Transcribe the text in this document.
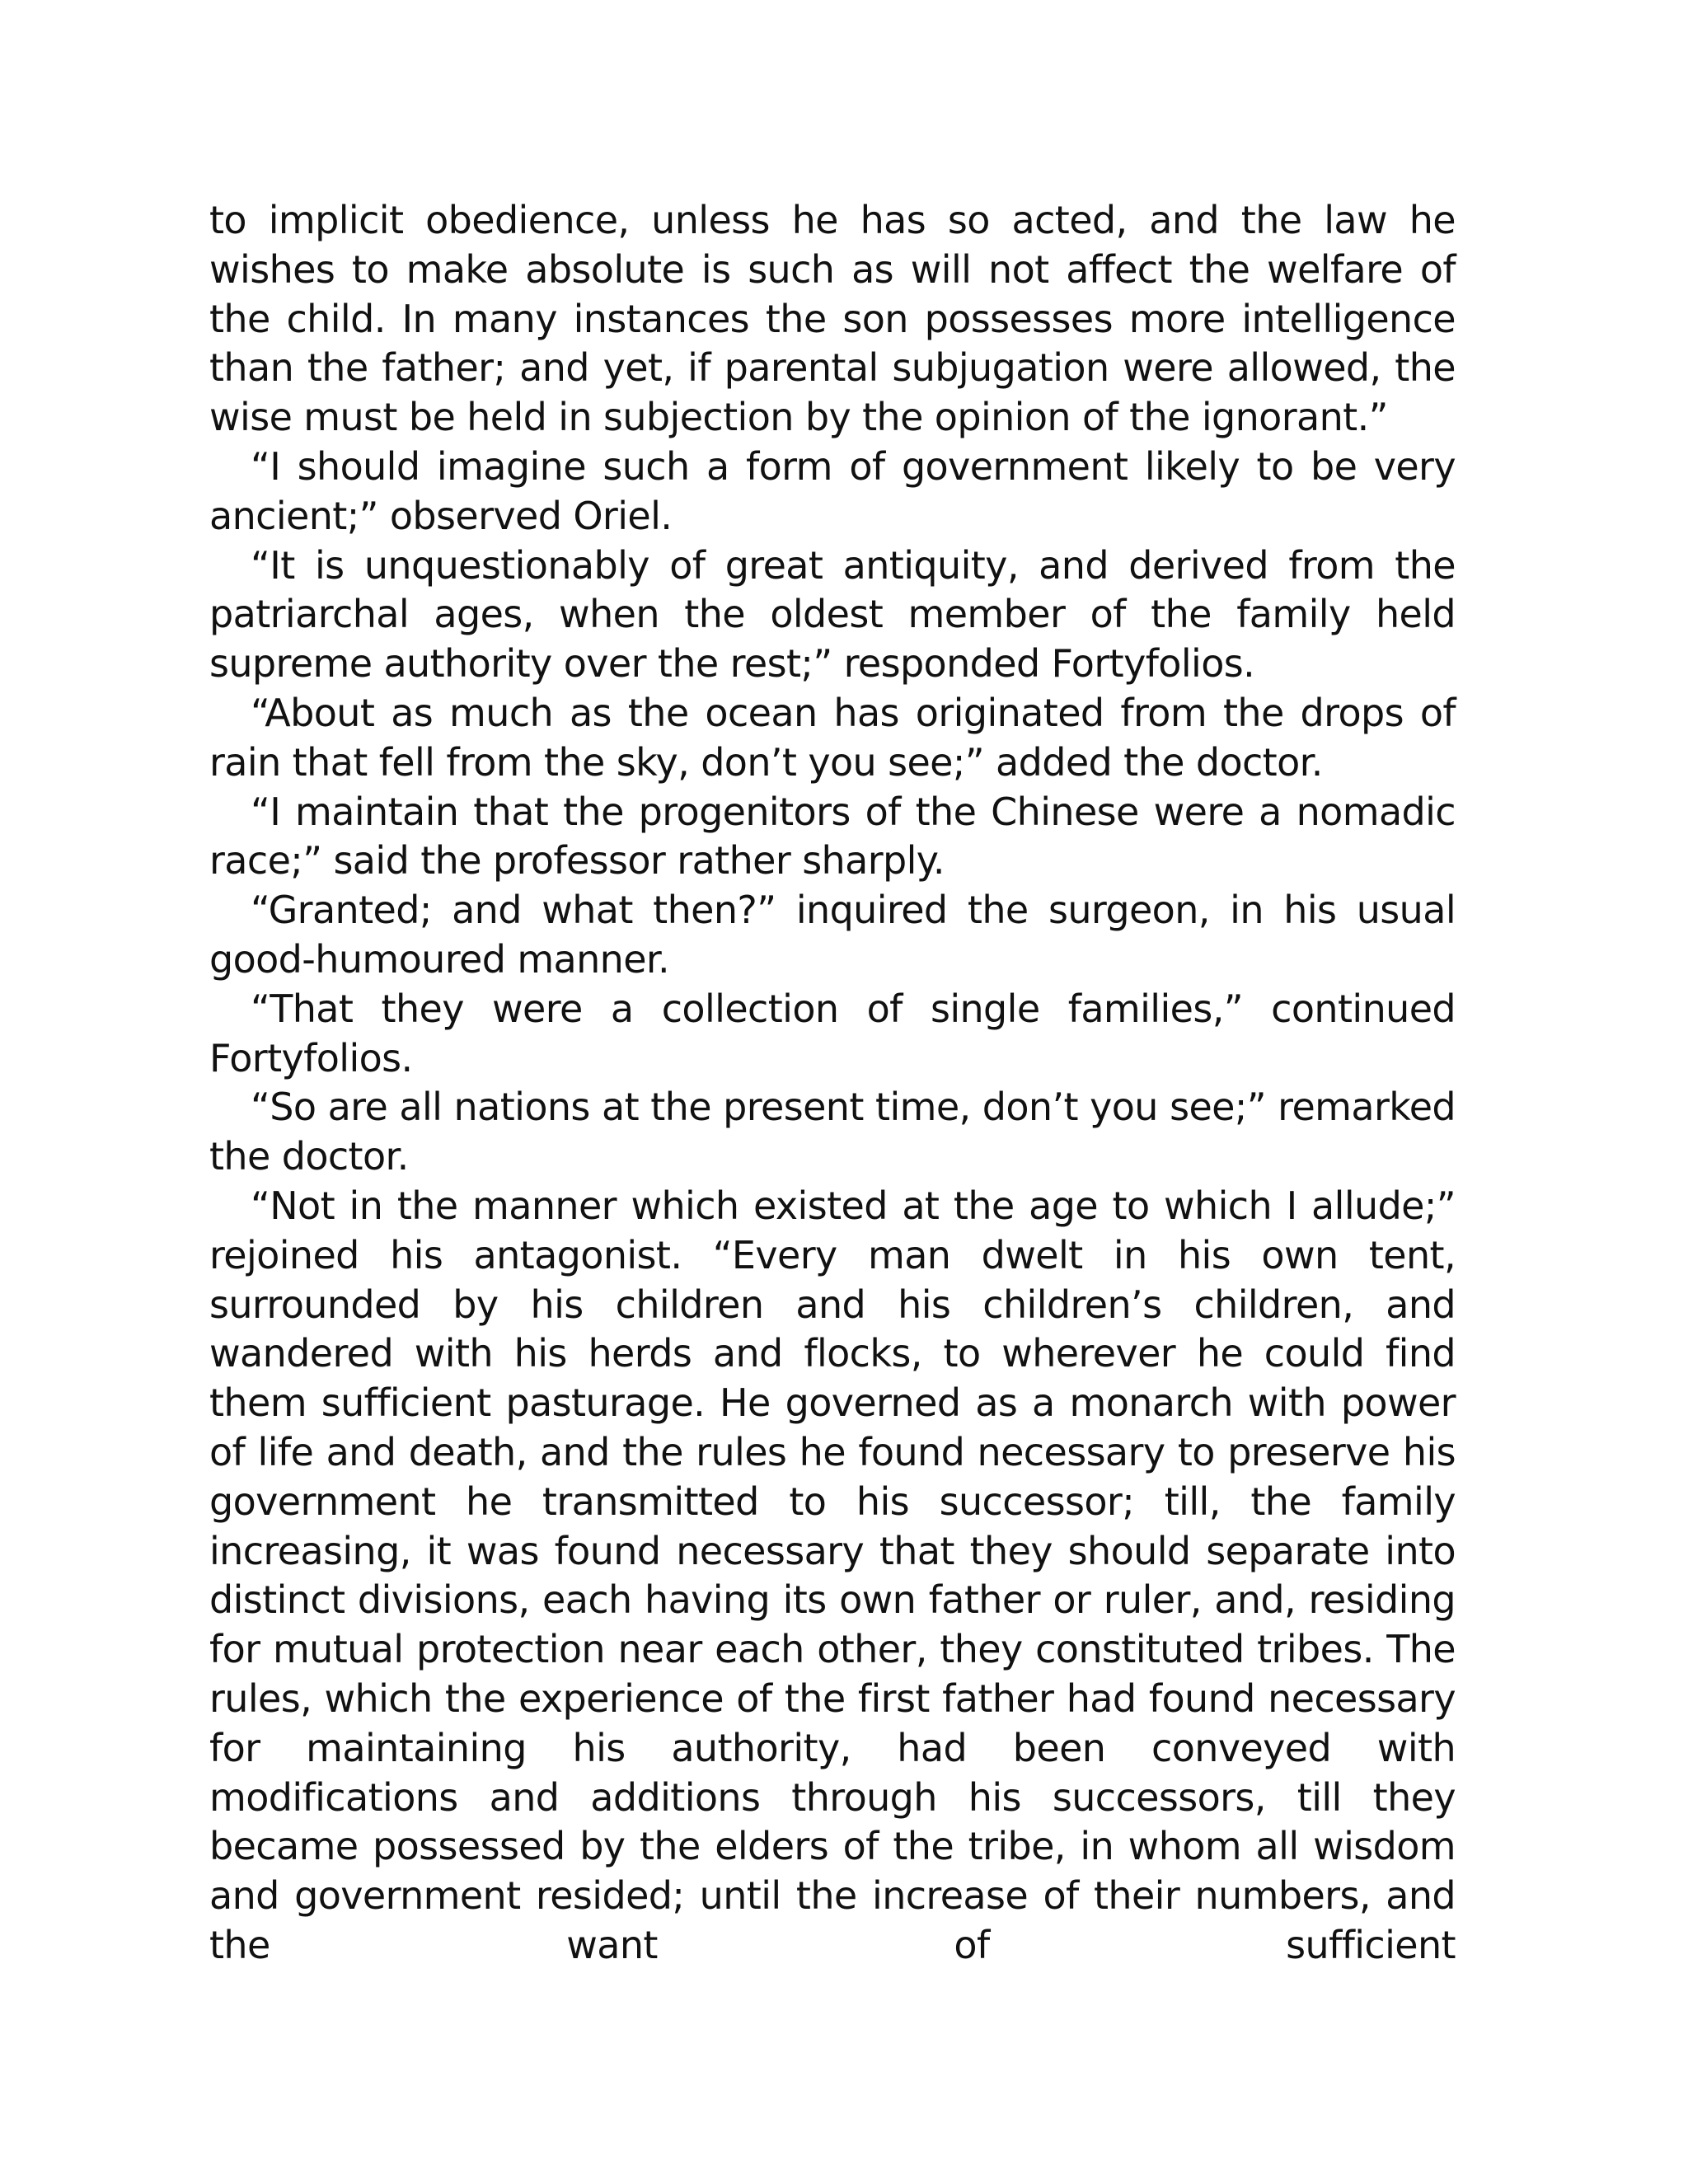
to implicit obedience, unless he has so acted, and the law he wishes to make absolute is such as will not affect the welfare of the child. In many instances the son possesses more intelligence than the father; and yet, if parental subjugation were allowed, the wise must be held in subjection by the opinion of the ignorant.”

“I should imagine such a form of government likely to be very ancient;” observed Oriel.

“It is unquestionably of great antiquity, and derived from the patriarchal ages, when the oldest member of the family held supreme authority over the rest;” responded Fortyfolios.

“About as much as the ocean has originated from the drops of rain that fell from the sky, don’t you see;” added the doctor.

“I maintain that the progenitors of the Chinese were a nomadic race;” said the professor rather sharply.

“Granted; and what then?” inquired the surgeon, in his usual good-humoured manner.

“That they were a collection of single families,” continued Fortyfolios.

“So are all nations at the present time, don’t you see;” remarked the doctor.

“Not in the manner which existed at the age to which I allude;” rejoined his antagonist. “Every man dwelt in his own tent, surrounded by his children and his children’s children, and wandered with his herds and flocks, to wherever he could find them sufficient pasturage. He governed as a monarch with power of life and death, and the rules he found necessary to preserve his government he transmitted to his successor; till, the family increasing, it was found necessary that they should separate into distinct divisions, each having its own father or ruler, and, residing for mutual protection near each other, they constituted tribes. The rules, which the experience of the first father had found necessary for maintaining his authority, had been conveyed with modifications and additions through his successors, till they became possessed by the elders of the tribe, in whom all wisdom and government resided; until the increase of their numbers, and the want of sufficient
